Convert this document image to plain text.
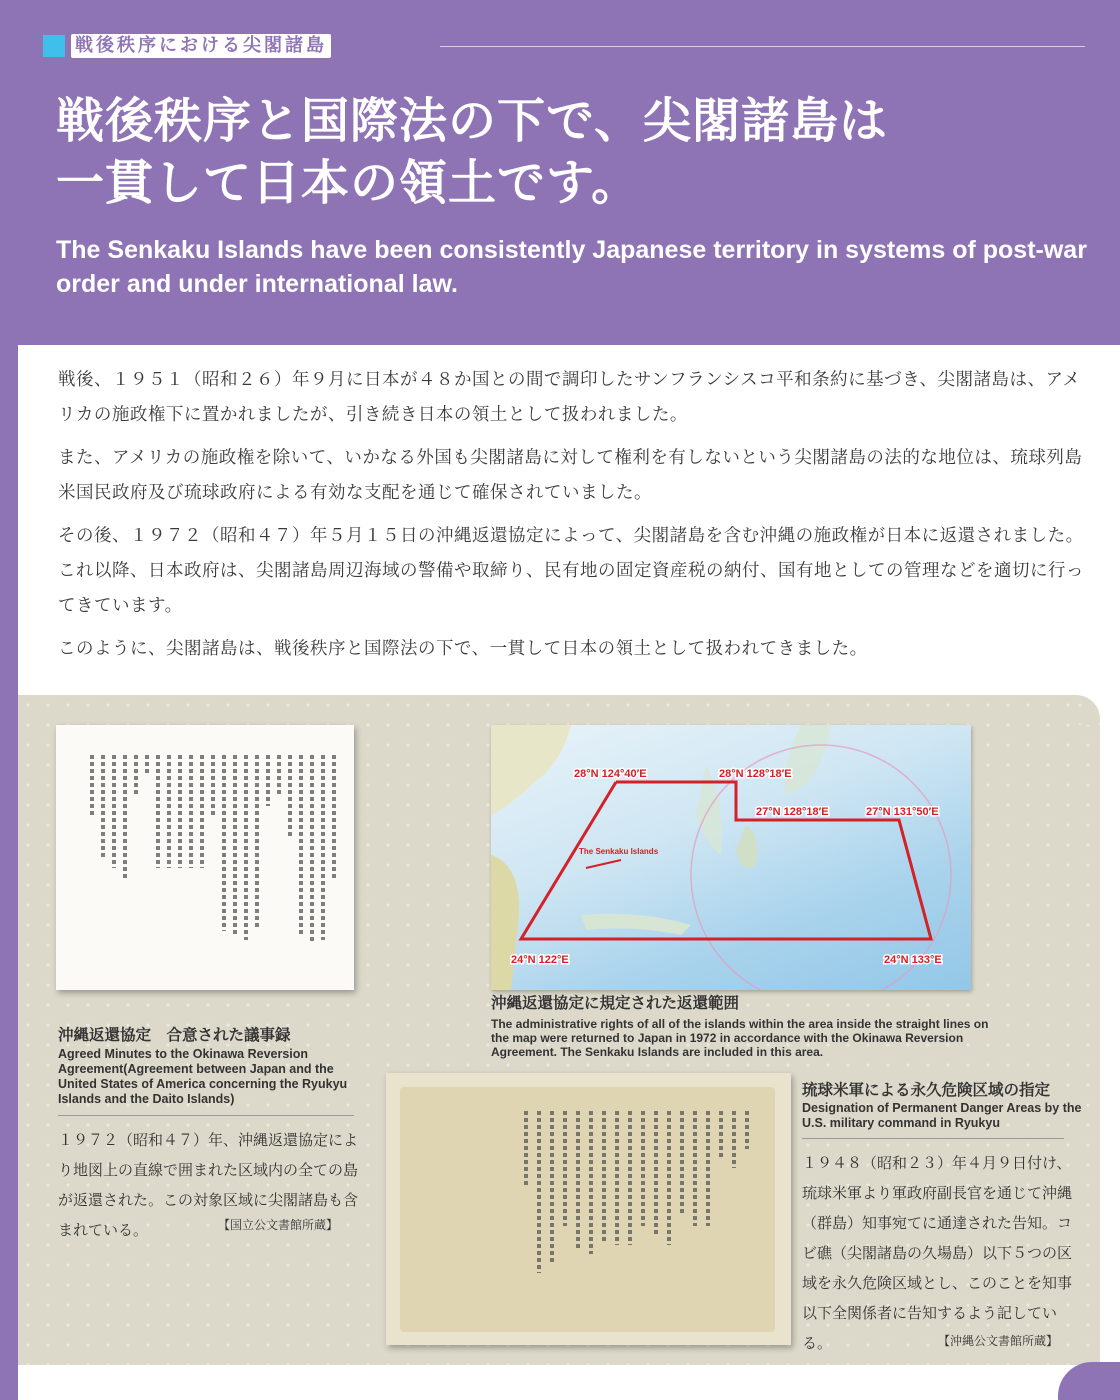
戦後秩序における尖閣諸島
戦後秩序と国際法の下で、尖閣諸島は
一貫して日本の領土です。
The Senkaku Islands have been consistently Japanese territory in systems of post-war order and under international law.

戦後、１９５１（昭和２６）年９月に日本が４８か国との間で調印したサンフランシスコ平和条約に基づき、尖閣諸島は、アメリカの施政権下に置かれましたが、引き続き日本の領土として扱われました。

また、アメリカの施政権を除いて、いかなる外国も尖閣諸島に対して権利を有しないという尖閣諸島の法的な地位は、琉球列島米国民政府及び琉球政府による有効な支配を通じて確保されていました。

その後、１９７２（昭和４７）年５月１５日の沖縄返還協定によって、尖閣諸島を含む沖縄の施政権が日本に返還されました。これ以降、日本政府は、尖閣諸島周辺海域の警備や取締り、民有地の固定資産税の納付、国有地としての管理などを適切に行ってきています。

このように、尖閣諸島は、戦後秩序と国際法の下で、一貫して日本の領土として扱われてきました。

沖縄返還協定　合意された議事録
Agreed Minutes to the Okinawa Reversion Agreement(Agreement between Japan and the United States of America concerning the Ryukyu Islands and the Daito Islands)
１９７２（昭和４７）年、沖縄返還協定により地図上の直線で囲まれた区域内の全ての島が返還された。この対象区域に尖閣諸島も含まれている。	【国立公文書館所蔵】
The Senkaku Islands
28°N 124°40′E	28°N 128°18′E
27°N 128°18′E	27°N 131°50′E
24°N 122°E	24°N 133°E
沖縄返還協定に規定された返還範囲
The administrative rights of all of the islands within the area inside the straight lines on the map were returned to Japan in 1972 in accordance with the Okinawa Reversion Agreement. The Senkaku Islands are included in this area.
琉球米軍による永久危険区域の指定
Designation of Permanent Danger Areas by the U.S. military command in Ryukyu
１９４８（昭和２３）年４月９日付け、琉球米軍より軍政府副長官を通じて沖縄（群島）知事宛てに通達された告知。コビ礁（尖閣諸島の久場島）以下５つの区域を永久危険区域とし、このことを知事以下全関係者に告知するよう記している。	【沖縄公文書館所蔵】
